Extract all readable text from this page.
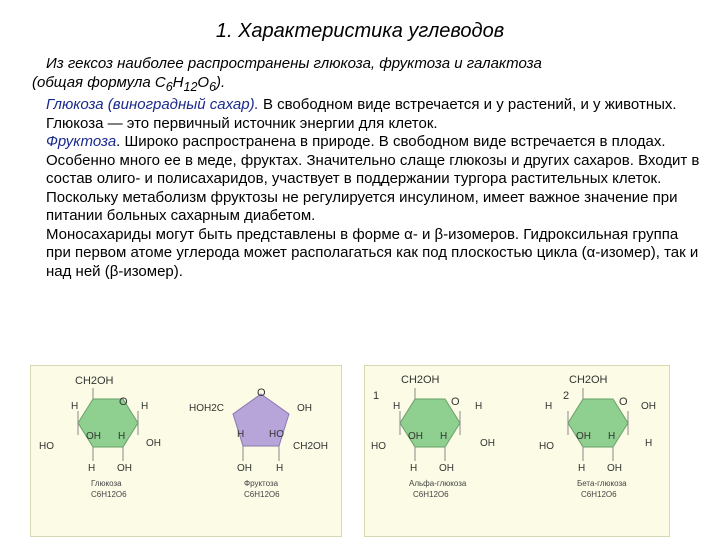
1. Характеристика углеводов

Из гексоз наиболее распространены глюкоза, фруктоза и галактоза

(общая формула $C_6H_{12}O_6$).

Глюкоза (виноградный сахар). В свободном виде встречается и у растений, и у животных. Глюкоза — это первичный источник энергии для клеток.

Фруктоза. Широко распространена в природе. В свободном виде встречается в плодах. Особенно много ее в меде, фруктах. Значительно слаще глюкозы и других сахаров. Входит в состав олиго- и полисахаридов, участвует в поддержании тургора растительных клеток. Поскольку метаболизм фруктозы не регулируется инсулином, имеет важное значение при питании больных сахарным диабетом.

Моносахариды могут быть представлены в форме α- и β-изомеров. Гидроксильная группа при первом атоме углерода может располагаться как под плоскостью цикла (α-изомер), так и над ней (β-изомер).

CH2OH
O
H	H
OH
HO
OH H
H OH
Глюкоза
C6H12O6
O
HOH2C	OH
H HO
CH2OH
OH H
Фруктоза
C6H12O6
1
CH2OH
O
H	H
OH
HO
OH H
H OH
Альфа-глюкоза
C6H12O6
2
CH2OH
O
H	OH
H
HO
OH H
H OH
Бета-глюкоза
C6H12O6
